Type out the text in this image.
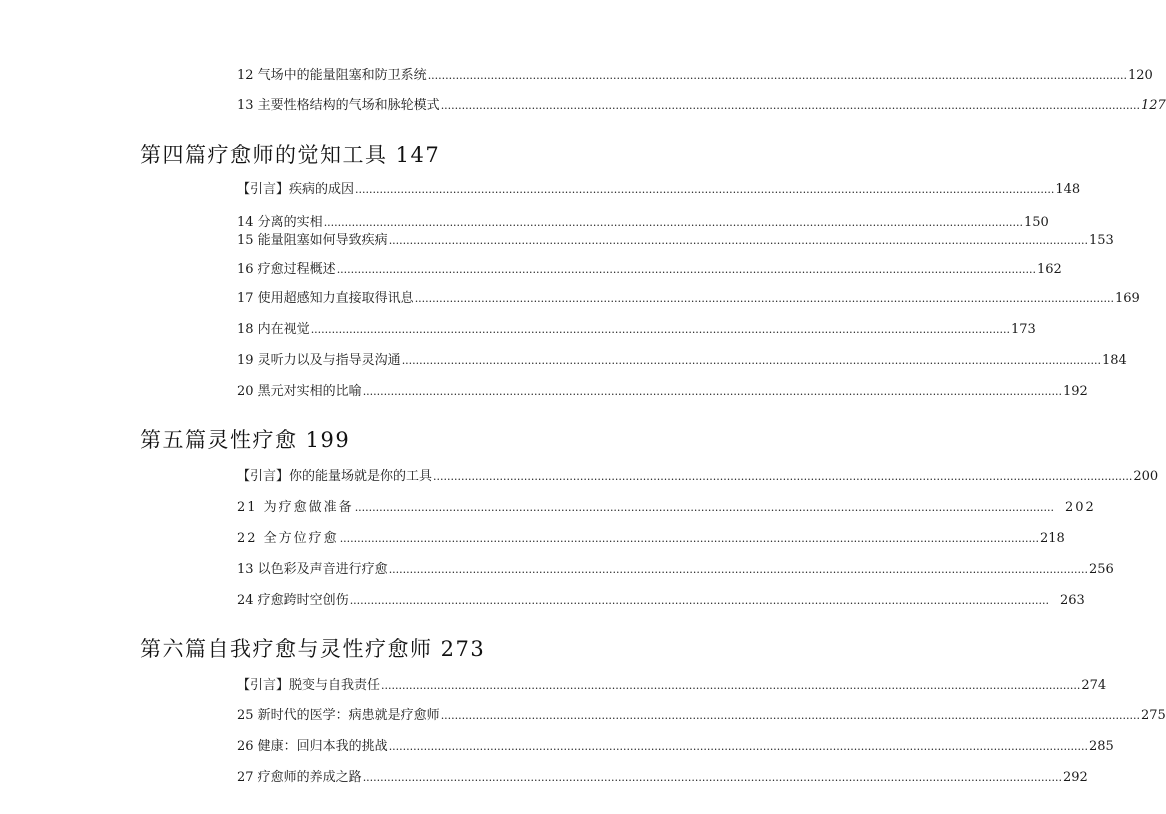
12 气场中的能量阻塞和防卫系统 ........................................................................................................................................................................................................ 120
13 主要性格结构的气场和脉轮模式 ........................................................................................................................................................................................................ 127
第四篇疗愈师的觉知工具 147
【引言】疾病的成因 ........................................................................................................................................................................................................ 148
14 分离的实相 ........................................................................................................................................................................................................ 150
15 能量阻塞如何导致疾病 ........................................................................................................................................................................................................ 153
16 疗愈过程概述 ........................................................................................................................................................................................................ 162
17 使用超感知力直接取得讯息 ........................................................................................................................................................................................................ 169
18 内在视觉 ........................................................................................................................................................................................................ 173
19 灵听力以及与指导灵沟通 ........................................................................................................................................................................................................ 184
20 黑元对实相的比喻 ........................................................................................................................................................................................................ 192
第五篇灵性疗愈 199
【引言】你的能量场就是你的工具 ........................................................................................................................................................................................................ 200
21 为疗愈做准备 ........................................................................................................................................................................................................ 202
22 全方位疗愈 ........................................................................................................................................................................................................ 218
13 以色彩及声音进行疗愈 ........................................................................................................................................................................................................ 256
24 疗愈跨时空创伤 ........................................................................................................................................................................................................ 263
第六篇自我疗愈与灵性疗愈师 273
【引言】脱变与自我责任 ........................................................................................................................................................................................................ 274
25 新时代的医学：病患就是疗愈师 ........................................................................................................................................................................................................ 275
26 健康：回归本我的挑战 ........................................................................................................................................................................................................ 285
27 疗愈师的养成之路 ........................................................................................................................................................................................................ 292
